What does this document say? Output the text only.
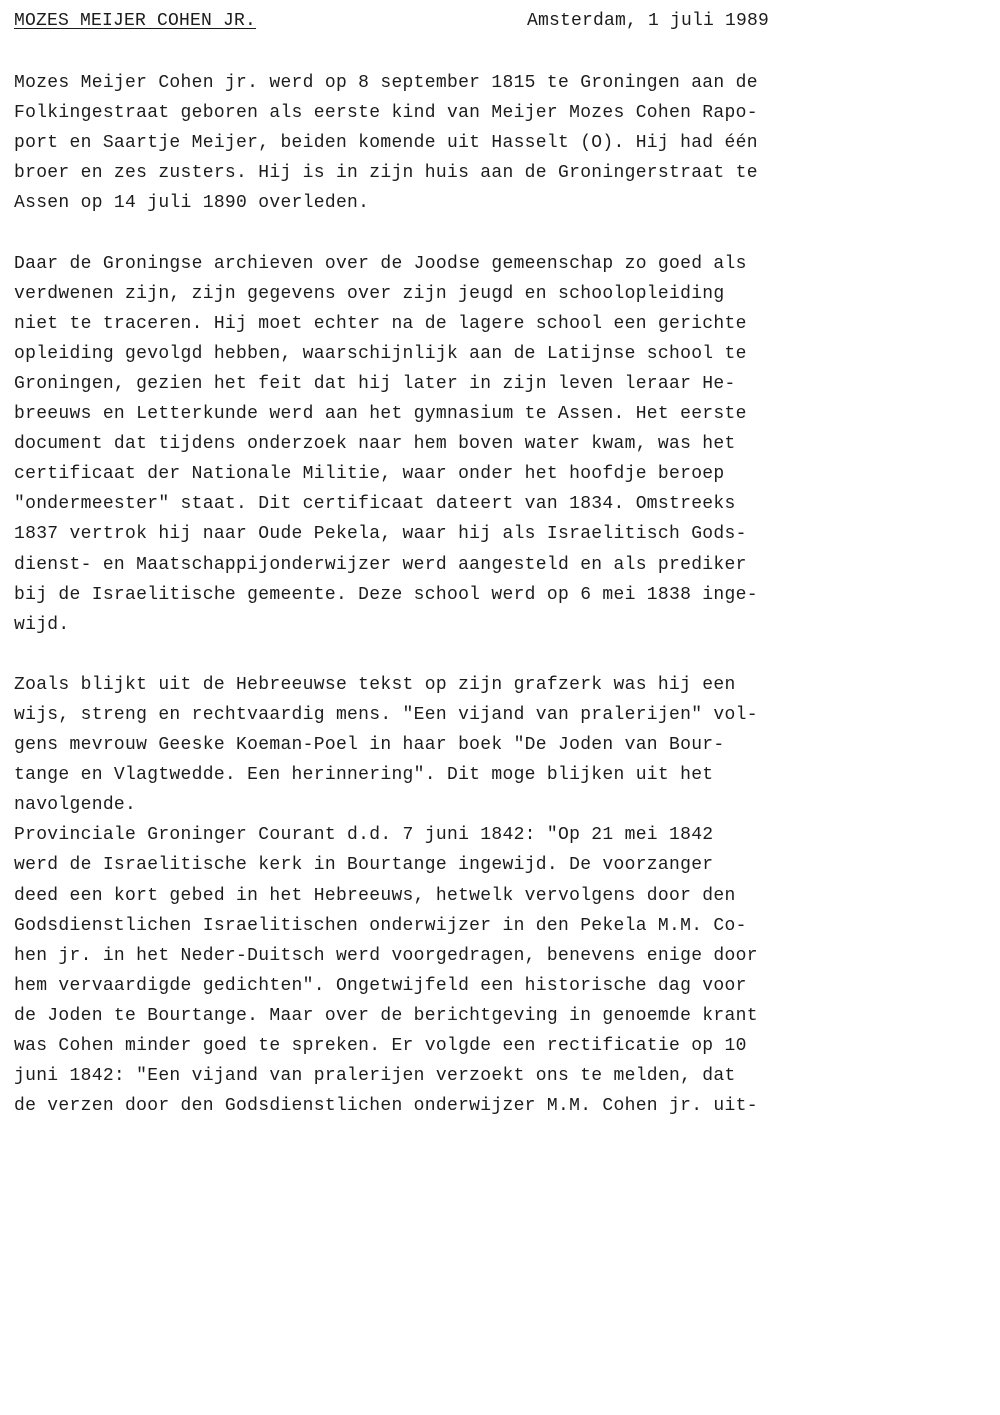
MOZES MEIJER COHEN JR.	Amsterdam, 1 juli 1989
Mozes Meijer Cohen jr. werd op 8 september 1815 te Groningen aan de
Folkingestraat geboren als eerste kind van Meijer Mozes Cohen Rapo-
port en Saartje Meijer, beiden komende uit Hasselt (O). Hij had één
broer en zes zusters. Hij is in zijn huis aan de Groningerstraat te
Assen op 14 juli 1890 overleden.
Daar de Groningse archieven over de Joodse gemeenschap zo goed als
verdwenen zijn, zijn gegevens over zijn jeugd en schoolopleiding
niet te traceren. Hij moet echter na de lagere school een gerichte
opleiding gevolgd hebben, waarschijnlijk aan de Latijnse school te
Groningen, gezien het feit dat hij later in zijn leven leraar He-
breeuws en Letterkunde werd aan het gymnasium te Assen. Het eerste
document dat tijdens onderzoek naar hem boven water kwam, was het
certificaat der Nationale Militie, waar onder het hoofdje beroep
"ondermeester" staat. Dit certificaat dateert van 1834. Omstreeks
1837 vertrok hij naar Oude Pekela, waar hij als Israelitisch Gods-
dienst- en Maatschappijonderwijzer werd aangesteld en als prediker
bij de Israelitische gemeente. Deze school werd op 6 mei 1838 inge-
wijd.
Zoals blijkt uit de Hebreeuwse tekst op zijn grafzerk was hij een
wijs, streng en rechtvaardig mens. "Een vijand van pralerijen" vol-
gens mevrouw Geeske Koeman-Poel in haar boek "De Joden van Bour-
tange en Vlagtwedde. Een herinnering". Dit moge blijken uit het
navolgende.
Provinciale Groninger Courant d.d. 7 juni 1842: "Op 21 mei 1842
werd de Israelitische kerk in Bourtange ingewijd. De voorzanger
deed een kort gebed in het Hebreeuws, hetwelk vervolgens door den
Godsdienstlichen Israelitischen onderwijzer in den Pekela M.M. Co-
hen jr. in het Neder-Duitsch werd voorgedragen, benevens enige door
hem vervaardigde gedichten". Ongetwijfeld een historische dag voor
de Joden te Bourtange. Maar over de berichtgeving in genoemde krant
was Cohen minder goed te spreken. Er volgde een rectificatie op 10
juni 1842: "Een vijand van pralerijen verzoekt ons te melden, dat
de verzen door den Godsdienstlichen onderwijzer M.M. Cohen jr. uit-
